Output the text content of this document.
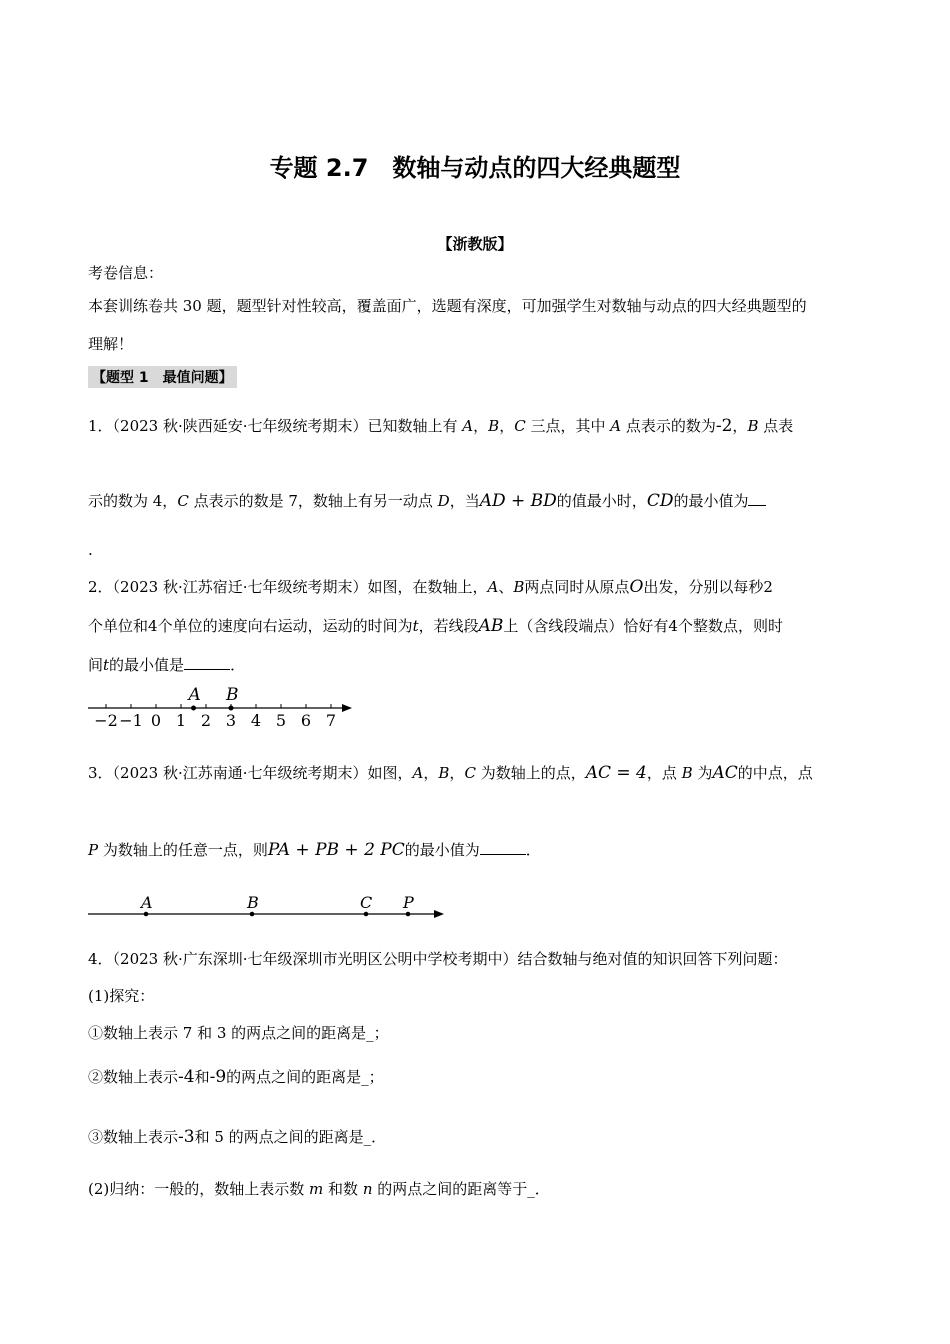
专题 2.7　数轴与动点的四大经典题型
【浙教版】
考卷信息：
本套训练卷共 30 题，题型针对性较高，覆盖面广，选题有深度，可加强学生对数轴与动点的四大经典题型的
理解！
【题型 1　最值问题】
1．（2023 秋·陕西延安·七年级统考期末）已知数轴上有 A，B，C 三点，其中 A 点表示的数为-2，B 点表
示的数为 4，C 点表示的数是 7，数轴上有另一动点 D，当AD + BD的值最小时，CD的最小值为
.
2．（2023 秋·江苏宿迁·七年级统考期末）如图，在数轴上，A、B两点同时从原点O出发，分别以每秒2
个单位和4个单位的速度向右运动，运动的时间为t，若线段AB上（含线段端点）恰好有4个整数点，则时
间t的最小值是	．
−2 −1 0 1 2 3 4 5 6 7
A B
3．（2023 秋·江苏南通·七年级统考期末）如图，A，B，C 为数轴上的点，AC = 4，点 B 为AC的中点，点
P 为数轴上的任意一点，则PA + PB + 2 PC的最小值为	．
A	B	C P
4．（2023 秋·广东深圳·七年级深圳市光明区公明中学校考期中）结合数轴与绝对值的知识回答下列问题：
(1)探究：
①数轴上表示 7 和 3 的两点之间的距离是_；
②数轴上表示-4和-9的两点之间的距离是_；
③数轴上表示-3和 5 的两点之间的距离是_．
(2)归纳：一般的，数轴上表示数 m 和数 n 的两点之间的距离等于_．
